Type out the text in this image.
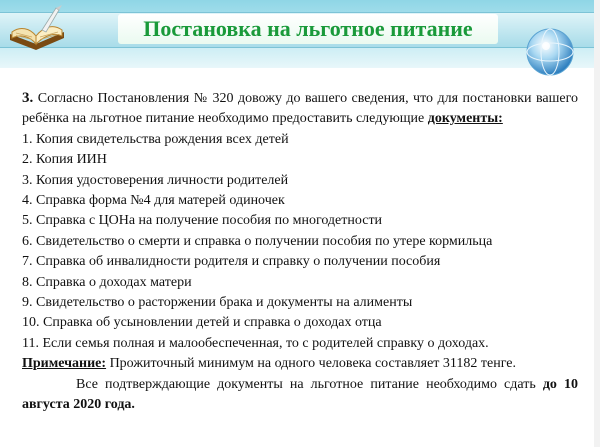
Постановка на льготное питание

3. Согласно Постановления № 320 довожу до вашего сведения, что для постановки вашего ребёнка на льготное питание необходимо предоставить следующие документы:

1. Копия свидетельства рождения всех детей
2. Копия ИИН
3. Копия удостоверения личности родителей
4. Справка форма №4 для матерей одиночек
5. Справка с ЦОНа на получение пособия по многодетности
6. Свидетельство о смерти и справка о получении пособия по утере кормильца
7. Справка об инвалидности родителя и справку о получении пособия
8. Справка о доходах матери
9. Свидетельство о расторжении брака и документы на алименты
10. Справка об усыновлении детей и справка о доходах отца
11. Если семья полная и малообеспеченная, то с родителей справку о доходах.

Примечание: Прожиточный минимум на одного человека составляет 31182 тенге.

Все подтверждающие документы на льготное питание необходимо сдать до 10 августа 2020 года.
